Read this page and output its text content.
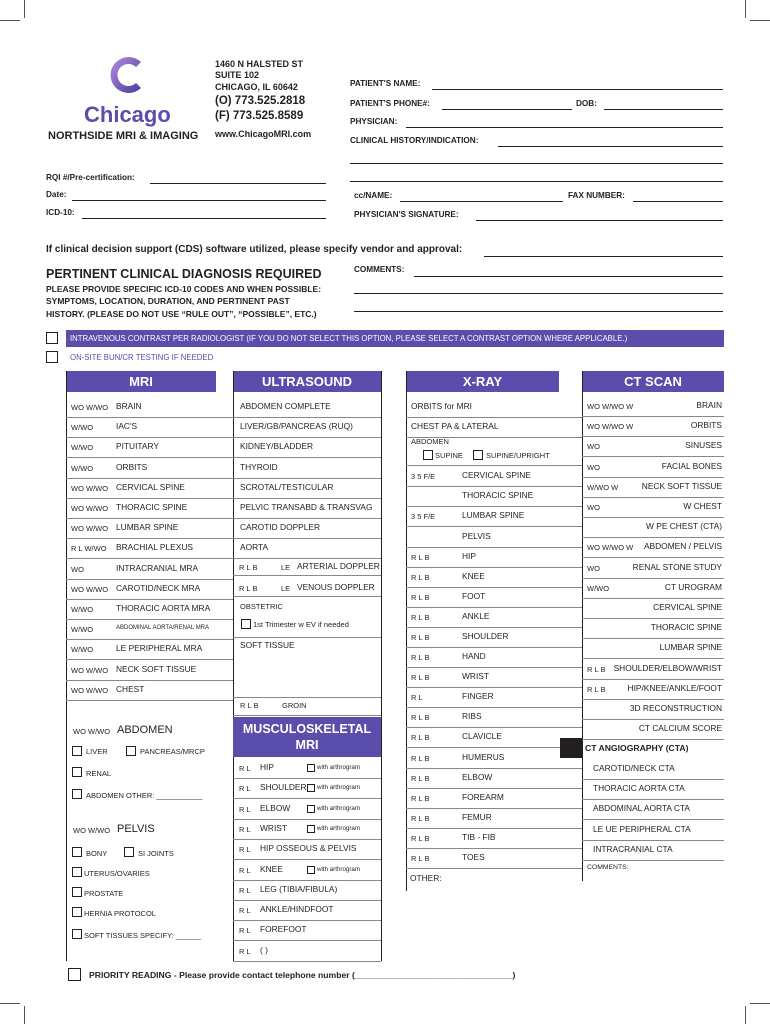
Chicago
NORTHSIDE MRI & IMAGING
1460 N HALSTED ST
SUITE 102
CHICAGO, IL 60642
(O) 773.525.2818
(F) 773.525.8589
www.ChicagoMRI.com
PATIENT'S NAME:
PATIENT'S PHONE#:	DOB:
PHYSICIAN:
CLINICAL HISTORY/INDICATION:
RQI #/Pre-certification:
Date:
ICD-10:
cc/NAME:	FAX NUMBER:
PHYSICIAN'S SIGNATURE:
If clinical decision support (CDS) software utilized, please specify vendor and approval:
PERTINENT CLINICAL DIAGNOSIS REQUIRED
PLEASE PROVIDE SPECIFIC ICD-10 CODES AND WHEN POSSIBLE:
SYMPTOMS, LOCATION, DURATION, AND PERTINENT PAST
HISTORY. (PLEASE DO NOT USE “RULE OUT”, “POSSIBLE”, ETC.)
COMMENTS:
INTRAVENOUS CONTRAST PER RADIOLOGIST (IF YOU DO NOT SELECT THIS OPTION, PLEASE SELECT A CONTRAST OPTION WHERE APPLICABLE.)
ON-SITE BUN/CR TESTING IF NEEDED
MRI	ULTRASOUND	X-RAY	CT SCAN
WO W/WO BRAIN
W/WO	IAC'S
W/WO	PITUITARY
W/WO	ORBITS
WO W/WO CERVICAL SPINE
WO W/WO THORACIC SPINE
WO W/WO LUMBAR SPINE
R L W/WO BRACHIAL PLEXUS
WO	INTRACRANIAL MRA
WO W/WO CAROTID/NECK MRA
W/WO	THORACIC AORTA MRA
W/WO	ABDOMINAL AORTA/RENAL MRA
W/WO	LE PERIPHERAL MRA
WO W/WO NECK SOFT TISSUE
WO W/WO CHEST
ABDOMEN COMPLETE
LIVER/GB/PANCREAS (RUQ)
KIDNEY/BLADDER
THYROID
SCROTAL/TESTICULAR
PELVIC TRANSABD & TRANSVAG
CAROTID DOPPLER
AORTA
R L HIP	with arthrogram
R L SHOULDER with arthrogram
R L ELBOW	with arthrogram
R L WRIST	with arthrogram
R L HIP OSSEOUS & PELVIS
R L KNEE	with arthrogram
R L LEG (TIBIA/FIBULA)
R L ANKLE/HINDFOOT
R L FOREFOOT
R L ( )
ORBITS for MRI
CHEST PA & LATERAL
3 5 F/E	CERVICAL SPINE
THORACIC SPINE
3 5 F/E	LUMBAR SPINE
PELVIS
R L B	HIP
R L B	KNEE
R L B	FOOT
R L B	ANKLE
R L B	SHOULDER
R L B	HAND
R L B	WRIST
R L	FINGER
R L B	RIBS
R L B	CLAVICLE
R L B	HUMERUS
R L B	ELBOW
R L B	FOREARM
R L B	FEMUR
R L B	TIB - FIB
R L B	TOES
WO W/WO W	BRAIN
WO W/WO W	ORBITS
WO	SINUSES
WO	FACIAL BONES
W/WO W	NECK SOFT TISSUE
WO	W CHEST
W PE CHEST (CTA)
WO W/WO W ABDOMEN / PELVIS
WO	RENAL STONE STUDY
W/WO	CT UROGRAM
CERVICAL SPINE
THORACIC SPINE
LUMBAR SPINE
R L B SHOULDER/ELBOW/WRIST
R L B	HIP/KNEE/ANKLE/FOOT
3D RECONSTRUCTION
CT CALCIUM SCORE
CAROTID/NECK CTA
THORACIC AORTA CTA
ABDOMINAL AORTA CTA
LE UE PERIPHERAL CTA
INTRACRANIAL CTA
WO W/WO ABDOMEN
LIVER	PANCREAS/MRCP
RENAL
ABDOMEN OTHER: ___________
WO W/WO PELVIS
BONY	SI JOINTS
UTERUS/OVARIES
PROSTATE
HERNIA PROTOCOL
SOFT TISSUES SPECIFY: ______
R L B	LE ARTERIAL DOPPLER
R L B	LE VENOUS DOPPLER
OBSTETRIC
1st Trimester w EV if needed
SOFT TISSUE
R L B	GROIN
MUSCULOSKELETAL
MRI
ABDOMEN
SUPINE	SUPINE/UPRIGHT
OTHER:
CT ANGIOGRAPHY (CTA)
COMMENTS:
PRIORITY READING - Please provide contact telephone number (_________________________________)
